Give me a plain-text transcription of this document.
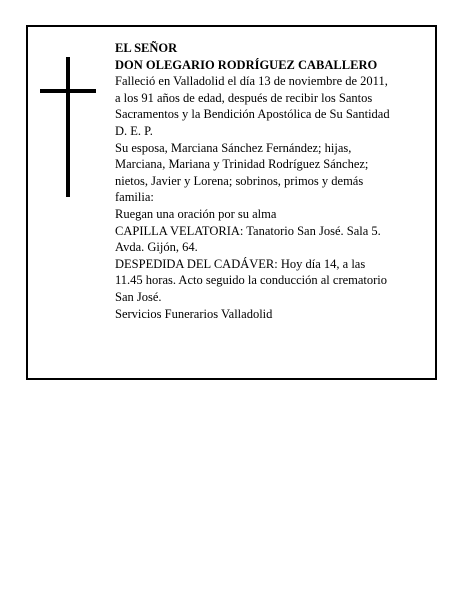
EL SEÑOR
DON OLEGARIO RODRÍGUEZ CABALLERO
Falleció en Valladolid el día 13 de noviembre de 2011,
a los 91 años de edad, después de recibir los Santos
Sacramentos y la Bendición Apostólica de Su Santidad
D. E. P.
Su esposa, Marciana Sánchez Fernández; hijas,
Marciana, Mariana y Trinidad Rodríguez Sánchez;
nietos, Javier y Lorena; sobrinos, primos y demás
familia:
Ruegan una oración por su alma
CAPILLA VELATORIA: Tanatorio San José. Sala 5.
Avda. Gijón, 64.
DESPEDIDA DEL CADÁVER: Hoy día 14, a las
11.45 horas. Acto seguido la conducción al crematorio
San José.
Servicios Funerarios Valladolid
